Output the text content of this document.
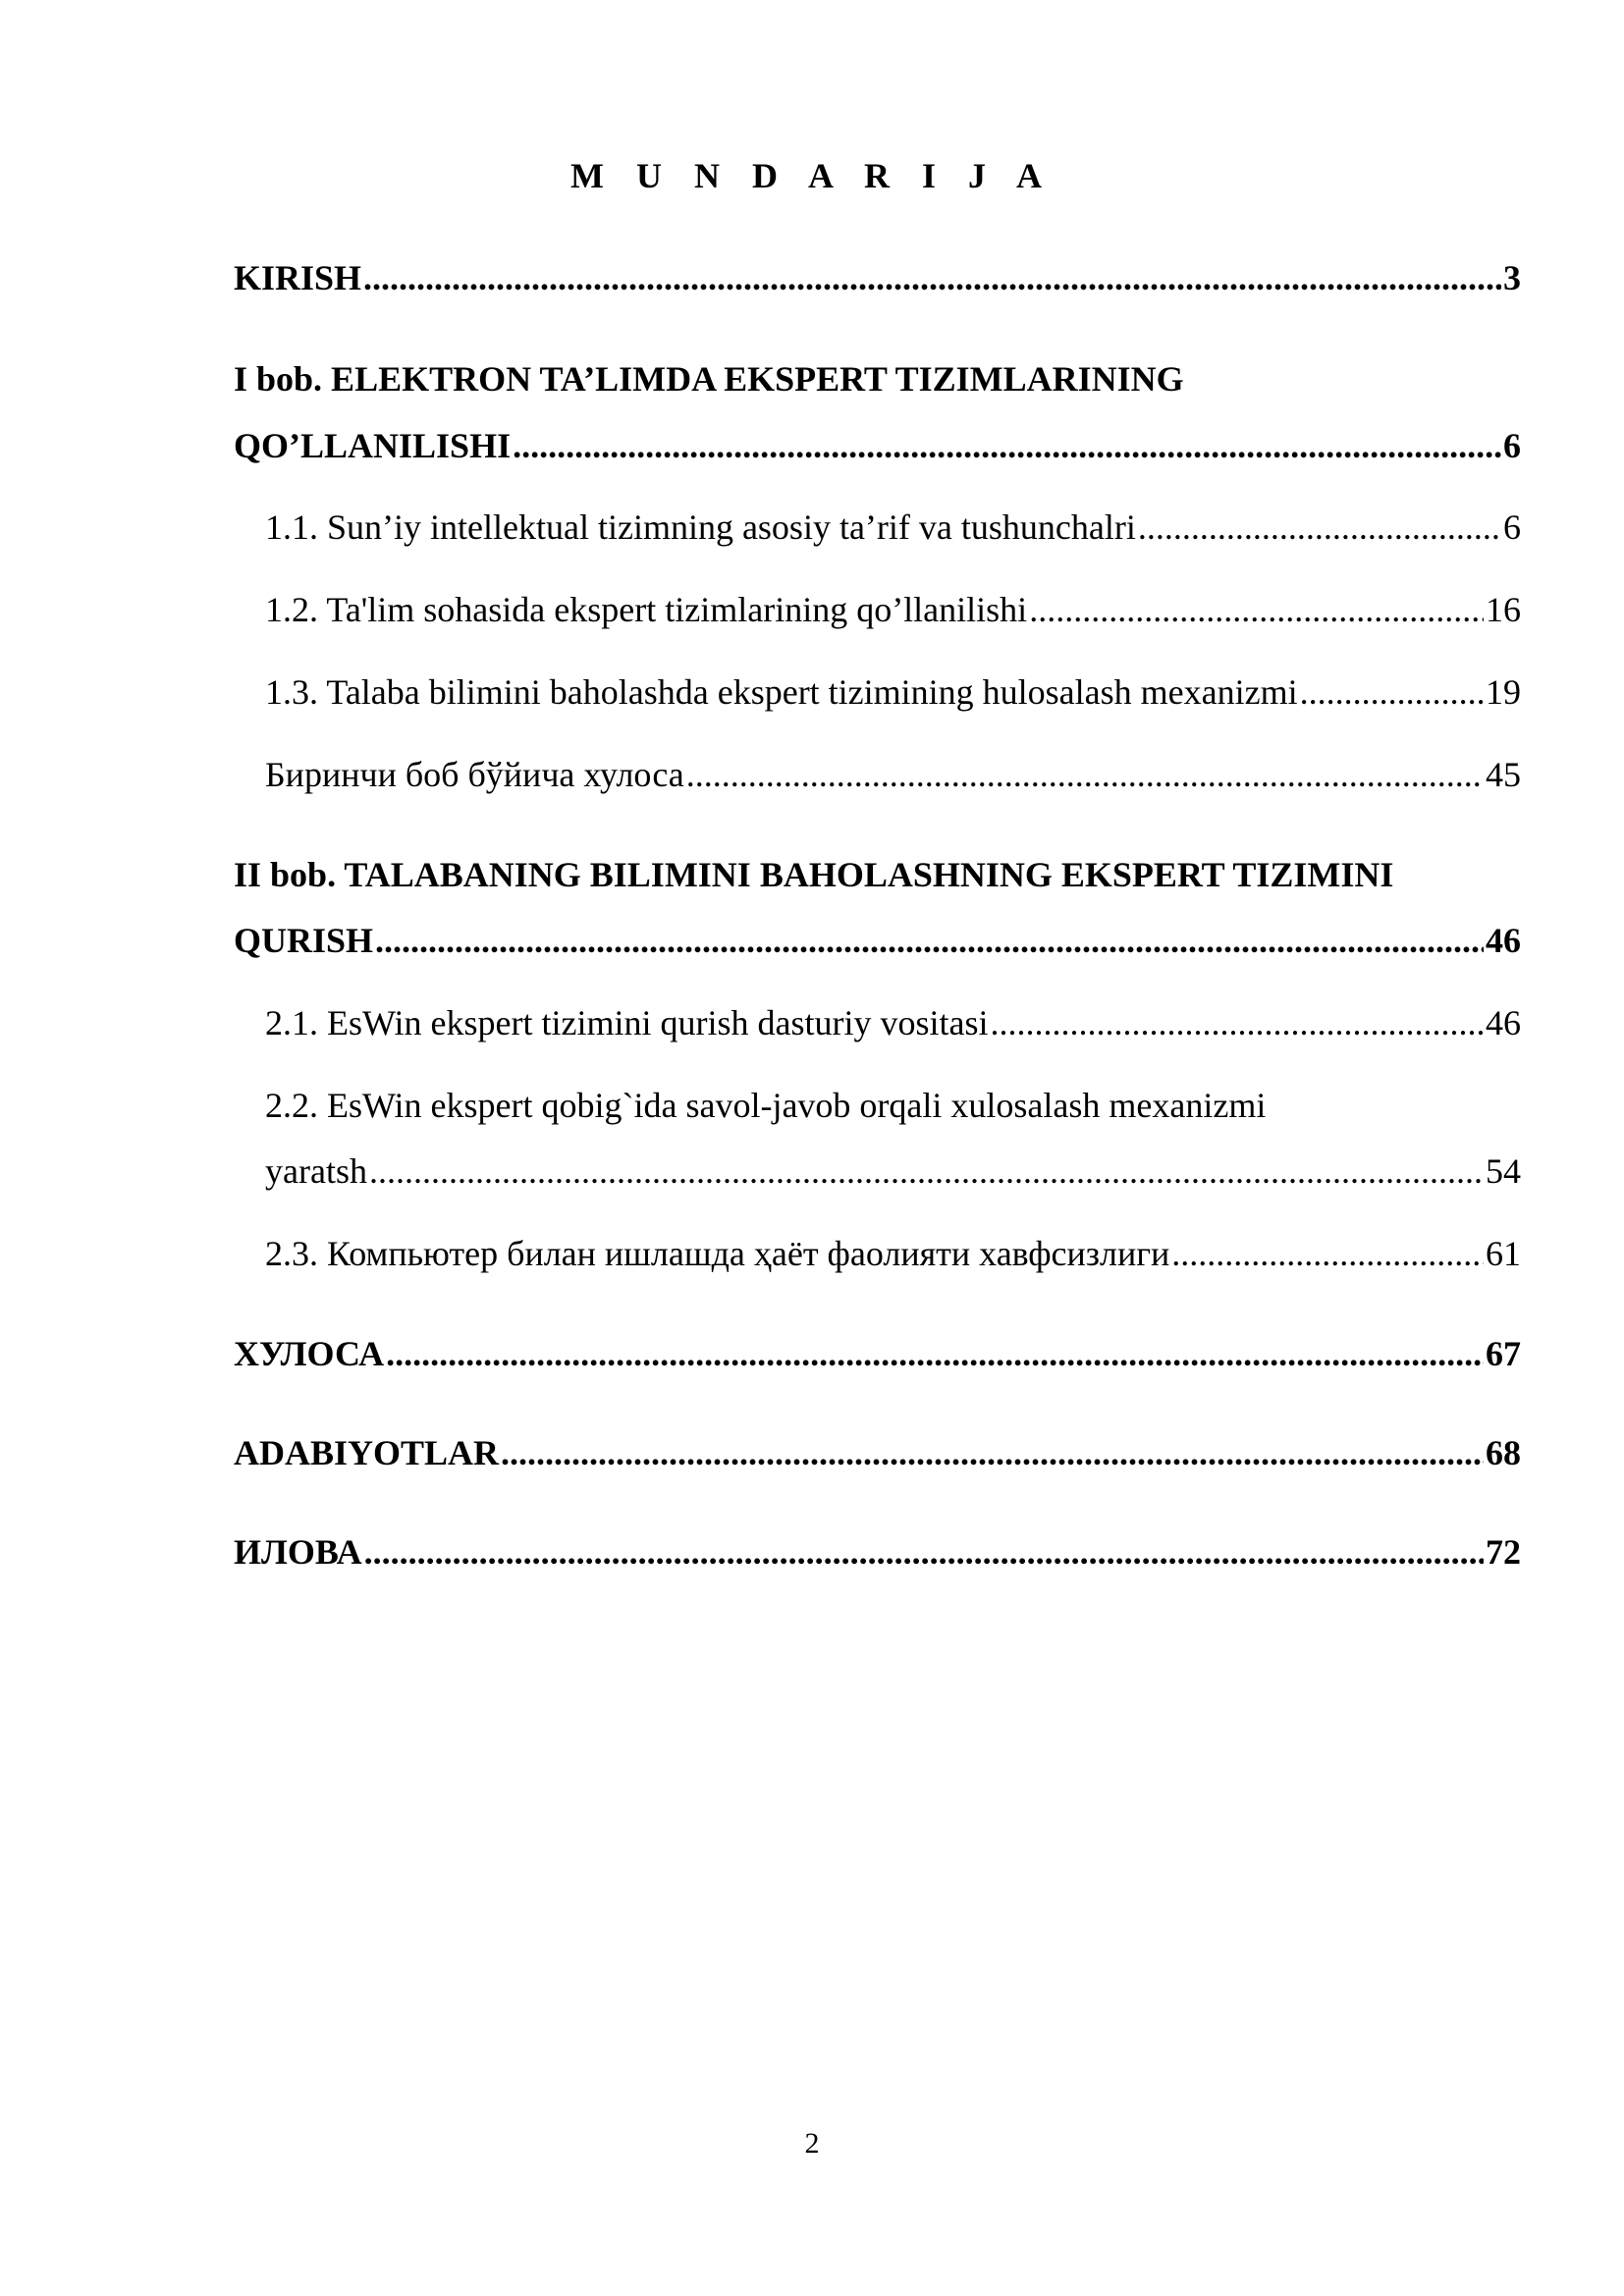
M U N D A R I J A
KIRISH .....	3
I bob. ELEKTRON TA’LIMDA EKSPERT TIZIMLARINING
QO’LLANILISHI .....	6
1.1. Sun’iy intellektual tizimning asosiy ta’rif va tushunchalri .....	6
1.2. Ta'lim sohasida ekspert tizimlarining qo’llanilishi .....	16
1.3. Talaba bilimini baholashda ekspert tizimining hulosalash mexanizmi .....	19
Биринчи боб бўйича хулоса .....	45
II bob. TALABANING BILIMINI BAHOLASHNING EKSPERT TIZIMINI
QURISH .....	46
2.1. EsWin ekspert tizimini qurish dasturiy vositasi .....	46
2.2. EsWin ekspert qobig`ida savol-javob orqali xulosalash mexanizmi
yaratsh .....	54
2.3. Компьютер билан ишлашда ҳаёт фаолияти хавфсизлиги .....	61
ХУЛОСА .....	67
ADABIYOTLAR .....	68
ИЛОВА .....	72
2
